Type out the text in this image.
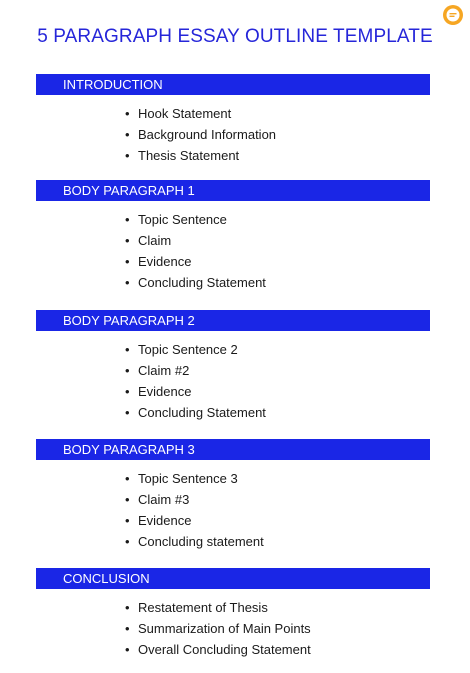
5 PARAGRAPH ESSAY OUTLINE TEMPLATE
INTRODUCTION
• Hook Statement
• Background Information
• Thesis Statement
BODY PARAGRAPH 1
• Topic Sentence
• Claim
• Evidence
• Concluding Statement
BODY PARAGRAPH 2
• Topic Sentence 2
• Claim #2
• Evidence
• Concluding Statement
BODY PARAGRAPH 3
• Topic Sentence 3
• Claim #3
• Evidence
• Concluding statement
CONCLUSION
• Restatement of Thesis
• Summarization of Main Points
• Overall Concluding Statement
